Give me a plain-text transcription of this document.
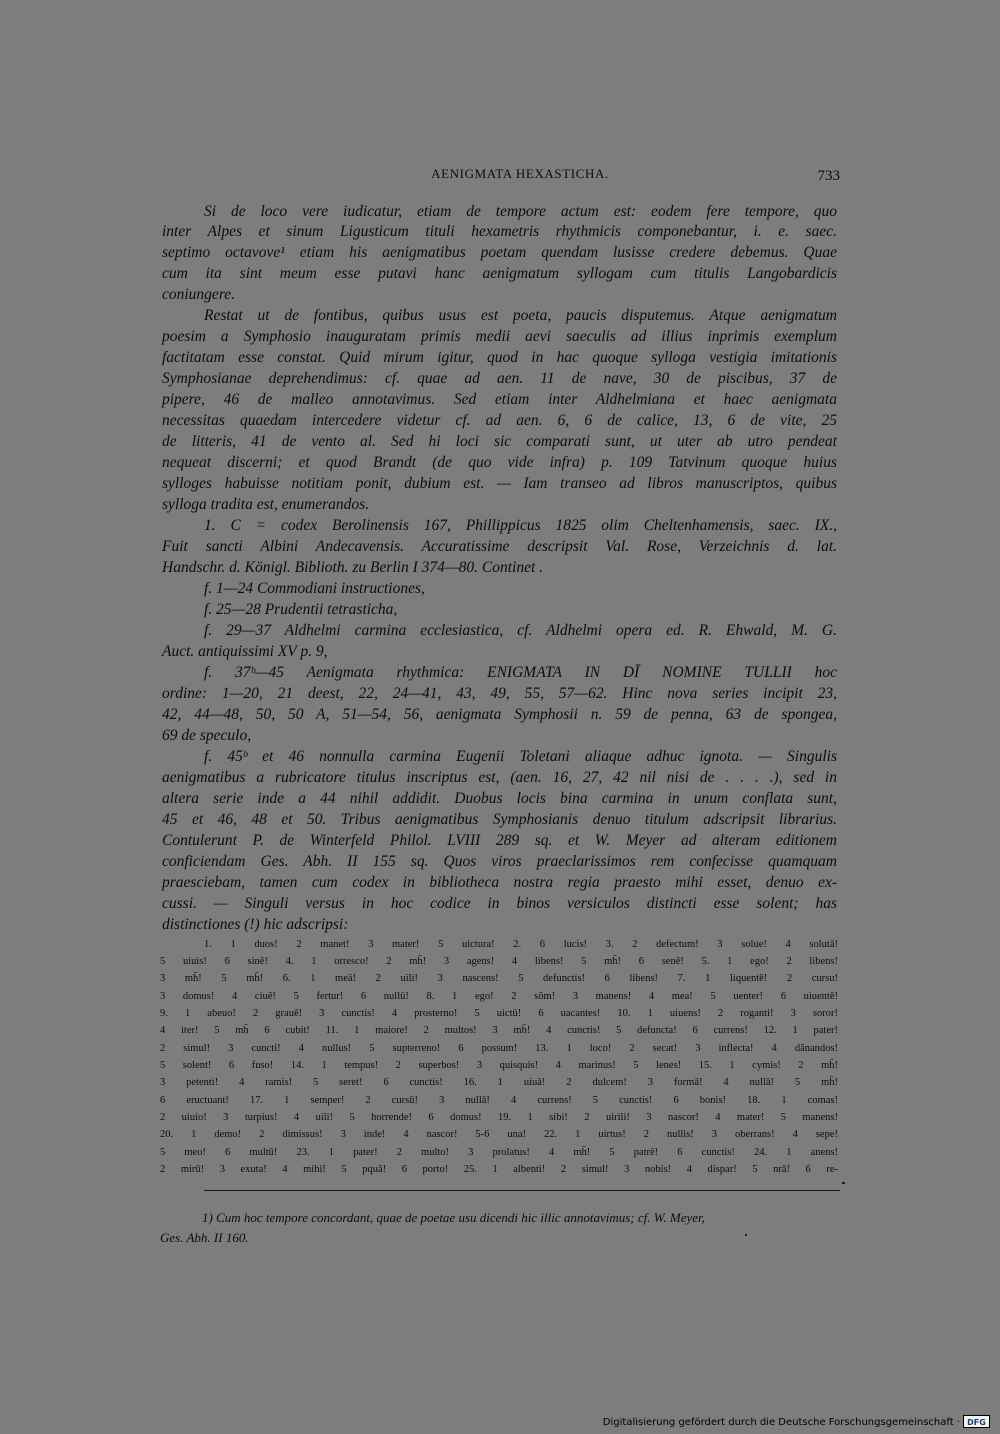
AENIGMATA HEXASTICHA.	733
Si de loco vere iudicatur, etiam de tempore actum est: eodem fere tempore, quo
inter Alpes et sinum Ligusticum tituli hexametris rhythmicis componebantur, i. e. saec.
septimo octavove¹ etiam his aenigmatibus poetam quendam lusisse credere debemus. Quae
cum ita sint meum esse putavi hanc aenigmatum syllogam cum titulis Langobardicis
coniungere.
Restat ut de fontibus, quibus usus est poeta, paucis disputemus. Atque aenigmatum
poesim a Symphosio inauguratam primis medii aevi saeculis ad illius inprimis exemplum
factitatam esse constat. Quid mirum igitur, quod in hac quoque sylloga vestigia imitationis
Symphosianae deprehendimus: cf. quae ad aen. 11 de nave, 30 de piscibus, 37 de
pipere, 46 de malleo annotavimus. Sed etiam inter Aldhelmiana et haec aenigmata
necessitas quaedam intercedere videtur cf. ad aen. 6, 6 de calice, 13, 6 de vite, 25
de litteris, 41 de vento al. Sed hi loci sic comparati sunt, ut uter ab utro pendeat
nequeat discerni; et quod Brandt (de quo vide infra) p. 109 Tatvinum quoque huius
sylloges habuisse notitiam ponit, dubium est. — Iam transeo ad libros manuscriptos, quibus
sylloga tradita est, enumerandos.
1. C = codex Berolinensis 167, Phillippicus 1825 olim Cheltenhamensis, saec. IX.,
Fuit sancti Albini Andecavensis. Accuratissime descripsit Val. Rose, Verzeichnis d. lat.
Handschr. d. Königl. Biblioth. zu Berlin I 374—80. Continet .
f. 1—24 Commodiani instructiones,
f. 25—28 Prudentii tetrasticha,
f. 29—37 Aldhelmi carmina ecclesiastica, cf. Aldhelmi opera ed. R. Ehwald, M. G.
Auct. antiquissimi XV p. 9,
f. 37ᵇ—45 Aenigmata rhythmica: ENIGMATA IN DĪ NOMINE TULLII hoc
ordine: 1—20, 21 deest, 22, 24—41, 43, 49, 55, 57—62. Hinc nova series incipit 23,
42, 44—48, 50, 50 A, 51—54, 56, aenigmata Symphosii n. 59 de penna, 63 de spongea,
69 de speculo,
f. 45ᵇ et 46 nonnulla carmina Eugenii Toletani aliaque adhuc ignota. — Singulis
aenigmatibus a rubricatore titulus inscriptus est, (aen. 16, 27, 42 nil nisi de . . . .), sed in
altera serie inde a 44 nihil addidit. Duobus locis bina carmina in unum conflata sunt,
45 et 46, 48 et 50. Tribus aenigmatibus Symphosianis denuo titulum adscripsit librarius.
Contulerunt P. de Winterfeld Philol. LVIII 289 sq. et W. Meyer ad alteram editionem
conficiendam Ges. Abh. II 155 sq. Quos viros praeclarissimos rem confecisse quamquam
praesciebam, tamen cum codex in bibliotheca nostra regia praesto mihi esset, denuo ex-
cussi. — Singuli versus in hoc codice in binos versiculos distincti esse solent; has
distinctiones (!) hic adscripsi:
1. 1 duos! 2 manet! 3 mater! 5 uictura! 2. 6 lucis! 3. 2 defectum! 3 solue! 4 solutā!
5 uiuis! 6 sinē! 4. 1 orresco! 2 mh̄! 3 agens! 4 libens! 5 mh̄! 6 senē! 5. 1 ego! 2 libens!
3 mh̄! 5 mh̄! 6. 1 meā! 2 uili! 3 nascens! 5 defunctis! 6 libens! 7. 1 liquentē! 2 cursu!
3 domus! 4 ciuē! 5 fertur! 6 nullū! 8. 1 ego! 2 sōm! 3 manens! 4 mea! 5 uenter! 6 uiuentē!
9. 1 abeuo! 2 grauē! 3 cunctis! 4 prosterno! 5 uictū! 6 uacantes! 10. 1 uiuens! 2 roganti! 3 soror!
4 iter! 5 mh̄ 6 cubit! 11. 1 maiore! 2 multos! 3 mh̄! 4 cunctis! 5 defuncta! 6 currens! 12. 1 pater!
2 simul! 3 cuncti! 4 nullus! 5 supterreno! 6 possum! 13. 1 loco! 2 secat! 3 inflecta! 4 dānandos!
5 solent! 6 fuso! 14. 1 tempus! 2 superbos! 3 quisquis! 4 marinus! 5 lenes! 15. 1 cymis! 2 mh̄!
3 petenti! 4 ramis! 5 seret! 6 cunctis! 16. 1 uiuā! 2 dulcem! 3 formā! 4 nullā! 5 mh̄!
6 eructuant! 17. 1 semper! 2 cursū! 3 nullā! 4 currens! 5 cunctis! 6 bonis! 18. 1 comas!
2 uiuio! 3 turpius! 4 uili! 5 horrende! 6 domus! 19. 1 sibi! 2 uirili! 3 nascor! 4 mater! 5 manens!
20. 1 demo! 2 dimissus! 3 inde! 4 nascor! 5-6 una! 22. 1 uirtus! 2 nullis! 3 oberrans! 4 sepe!
5 meo! 6 multū! 23. 1 pater! 2 multo! 3 prolatus! 4 mh̄! 5 patrē! 6 cunctis! 24. 1 anens!
2 mirū! 3 exuta! 4 mihi! 5 pquā! 6 porto! 25. 1 albenti! 2 simul! 3 nobis! 4 dispar! 5 nrā! 6 re-
1) Cum hoc tempore concordant, quae de poetae usu dicendi hic illic annotavimus; cf. W. Meyer,
Ges. Abh. II 160.
Digitalisierung gefördert durch die Deutsche Forschungsgemeinschaft · DFG
